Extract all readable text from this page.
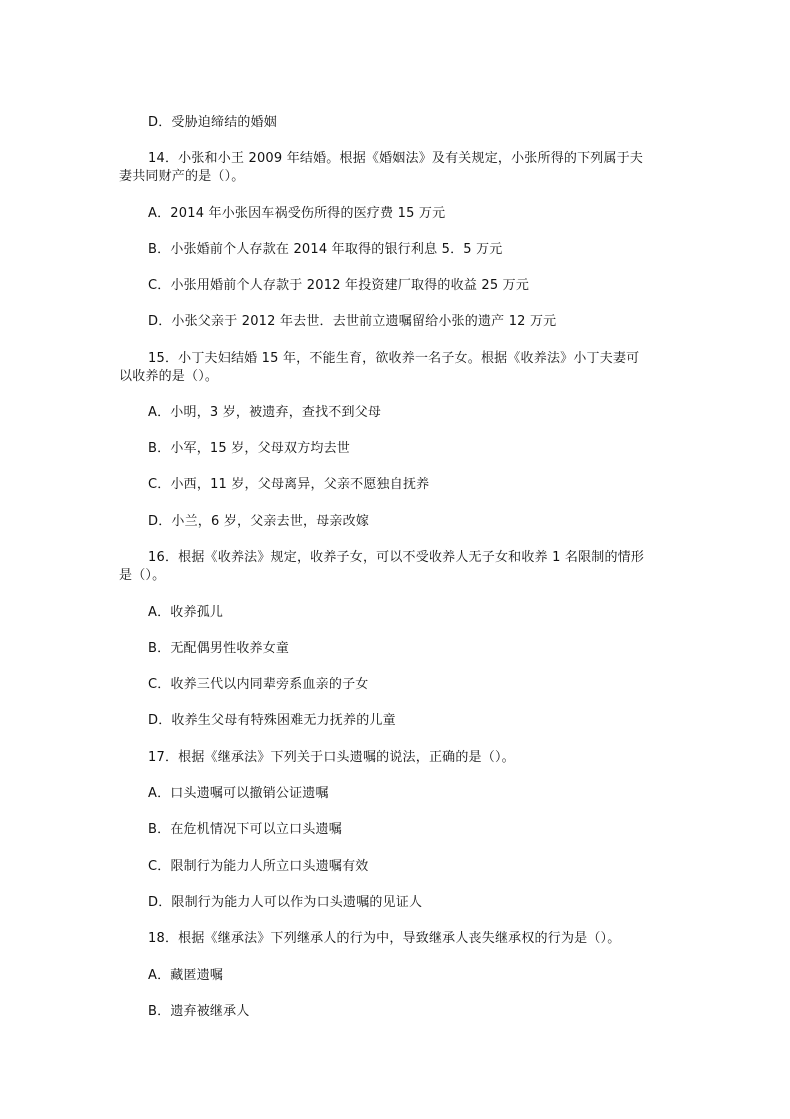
D．受胁迫缔结的婚姻
14．小张和小王 2009 年结婚。根据《婚姻法》及有关规定，小张所得的下列属于夫
妻共同财产的是（）。
A．2014 年小张因车祸受伤所得的医疗费 15 万元
B．小张婚前个人存款在 2014 年取得的银行利息 5．5 万元
C．小张用婚前个人存款于 2012 年投资建厂取得的收益 25 万元
D．小张父亲于 2012 年去世．去世前立遗嘱留给小张的遗产 12 万元
15．小丁夫妇结婚 15 年，不能生育，欲收养一名子女。根据《收养法》小丁夫妻可
以收养的是（）。
A．小明，3 岁，被遗弃，查找不到父母
B．小军，15 岁，父母双方均去世
C．小西，11 岁，父母离异，父亲不愿独自抚养
D．小兰，6 岁，父亲去世，母亲改嫁
16．根据《收养法》规定，收养子女，可以不受收养人无子女和收养 1 名限制的情形
是（）。
A．收养孤儿
B．无配偶男性收养女童
C．收养三代以内同辈旁系血亲的子女
D．收养生父母有特殊困难无力抚养的儿童
17．根据《继承法》下列关于口头遗嘱的说法，正确的是（）。
A．口头遗嘱可以撤销公证遗嘱
B．在危机情况下可以立口头遗嘱
C．限制行为能力人所立口头遗嘱有效
D．限制行为能力人可以作为口头遗嘱的见证人
18．根据《继承法》下列继承人的行为中，导致继承人丧失继承权的行为是（）。
A．藏匿遗嘱
B．遗弃被继承人
